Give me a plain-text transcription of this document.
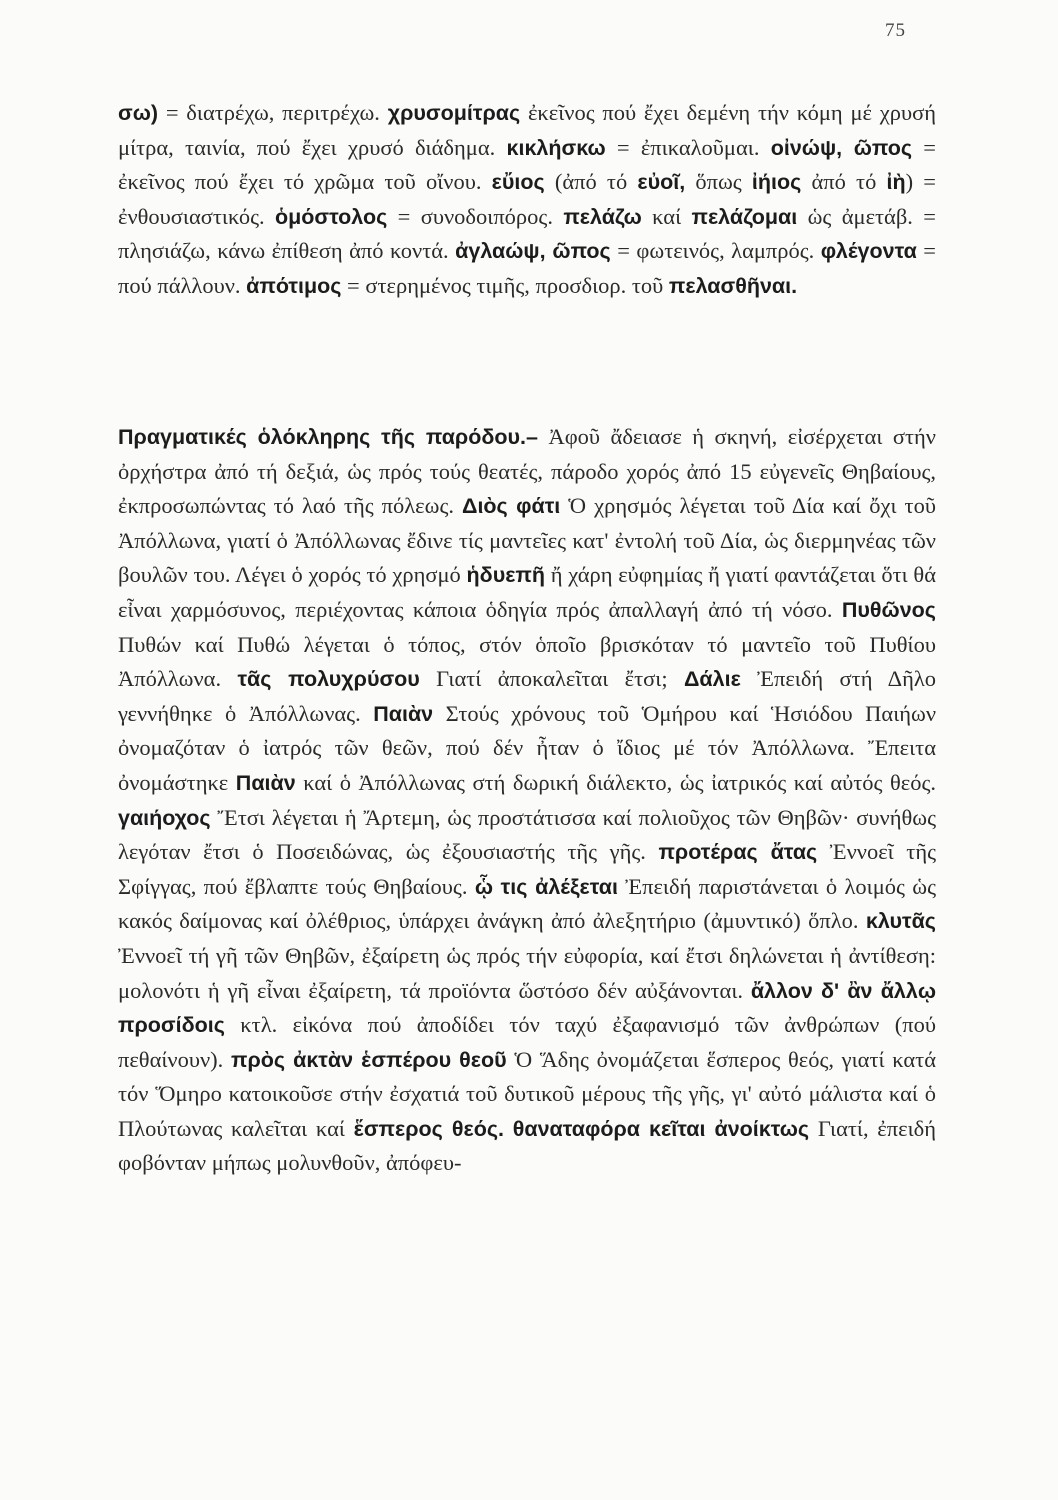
75

σω) = διατρέχω, περιτρέχω. χρυσομίτρας ἐκεῖνος πού ἔχει δεμένη τήν κόμη μέ χρυσή μίτρα, ταινία, πού ἔχει χρυσό διάδημα. κικλήσκω = ἐπικαλοῦμαι. οἰνώψ, ῶπος = ἐκεῖνος πού ἔχει τό χρῶμα τοῦ οἴνου. εὔιος (ἀπό τό εὐοῖ, ὅπως ἰήιος ἀπό τό ἰὴ) = ἐνθουσιαστικός. ὁμόστολος = συνοδοιπόρος. πελάζω καί πελάζομαι ὡς ἀμετάβ. = πλησιάζω, κάνω ἐπίθεση ἀπό κοντά. ἀγλαώψ, ῶπος = φωτεινός, λαμπρός. φλέγοντα = πού πάλλουν. ἀπότιμος = στερημένος τιμῆς, προσδιορ. τοῦ πελασθῆναι.

Πραγματικές ὁλόκληρης τῆς παρόδου.– Ἀφοῦ ἄδειασε ἡ σκηνή, εἰσέρχεται στήν ὀρχήστρα ἀπό τή δεξιά, ὡς πρός τούς θεατές, πάροδο χορός ἀπό 15 εὐγενεῖς Θηβαίους, ἐκπροσωπώντας τό λαό τῆς πόλεως. Διὸς φάτι Ὁ χρησμός λέγεται τοῦ Δία καί ὄχι τοῦ Ἀπόλλωνα, γιατί ὁ Ἀπόλλωνας ἔδινε τίς μαντεῖες κατ' ἐντολή τοῦ Δία, ὡς διερμηνέας τῶν βουλῶν του. Λέγει ὁ χορός τό χρησμό ἡδυεπῆ ἤ χάρη εὐφημίας ἤ γιατί φαντάζεται ὅτι θά εἶναι χαρμόσυνος, περιέχοντας κάποια ὁδηγία πρός ἀπαλλαγή ἀπό τή νόσο. Πυθῶνος Πυθών καί Πυθώ λέγεται ὁ τόπος, στόν ὁποῖο βρισκόταν τό μαντεῖο τοῦ Πυθίου Ἀπόλλωνα. τᾶς πολυχρύσου Γιατί ἀποκαλεῖται ἔτσι; Δάλιε Ἐπειδή στή Δῆλο γεννήθηκε ὁ Ἀπόλλωνας. Παιὰν Στούς χρόνους τοῦ Ὁμήρου καί Ἡσιόδου Παιήων ὀνομαζόταν ὁ ἰατρός τῶν θεῶν, πού δέν ἦταν ὁ ἴδιος μέ τόν Ἀπόλλωνα. Ἔπειτα ὀνομάστηκε Παιὰν καί ὁ Ἀπόλλωνας στή δωρική διάλεκτο, ὡς ἰατρικός καί αὐτός θεός. γαιήοχος Ἔτσι λέγεται ἡ Ἄρτεμη, ὡς προστάτισσα καί πολιοῦχος τῶν Θηβῶν· συνήθως λεγόταν ἔτσι ὁ Ποσειδώνας, ὡς ἐξουσιαστής τῆς γῆς. προτέρας ἄτας Ἐννοεῖ τῆς Σφίγγας, πού ἔβλαπτε τούς Θηβαίους. ᾧ τις ἀλέξεται Ἐπειδή παριστάνεται ὁ λοιμός ὡς κακός δαίμονας καί ὀλέθριος, ὑπάρχει ἀνάγκη ἀπό ἀλεξητήριο (ἀμυντικό) ὅπλο. κλυτᾶς Ἐννοεῖ τή γῆ τῶν Θηβῶν, ἐξαίρετη ὡς πρός τήν εὐφορία, καί ἔτσι δηλώνεται ἡ ἀντίθεση: μολονότι ἡ γῆ εἶναι ἐξαίρετη, τά προϊόντα ὥστόσο δέν αὐξάνονται. ἄλλον δ' ἂν ἄλλῳ προσίδοις κτλ. εἰκόνα πού ἀποδίδει τόν ταχύ ἐξαφανισμό τῶν ἀνθρώπων (πού πεθαίνουν). πρὸς ἀκτὰν ἑσπέρου θεοῦ Ὁ Ἅδης ὀνομάζεται ἕσπερος θεός, γιατί κατά τόν Ὅμηρο κατοικοῦσε στήν ἐσχατιά τοῦ δυτικοῦ μέρους τῆς γῆς, γι' αὐτό μάλιστα καί ὁ Πλούτωνας καλεῖται καί ἕσπερος θεός. θαναταφόρα κεῖται ἀνοίκτως Γιατί, ἐπειδή φοβόνταν μήπως μολυνθοῦν, ἀπόφευ-
